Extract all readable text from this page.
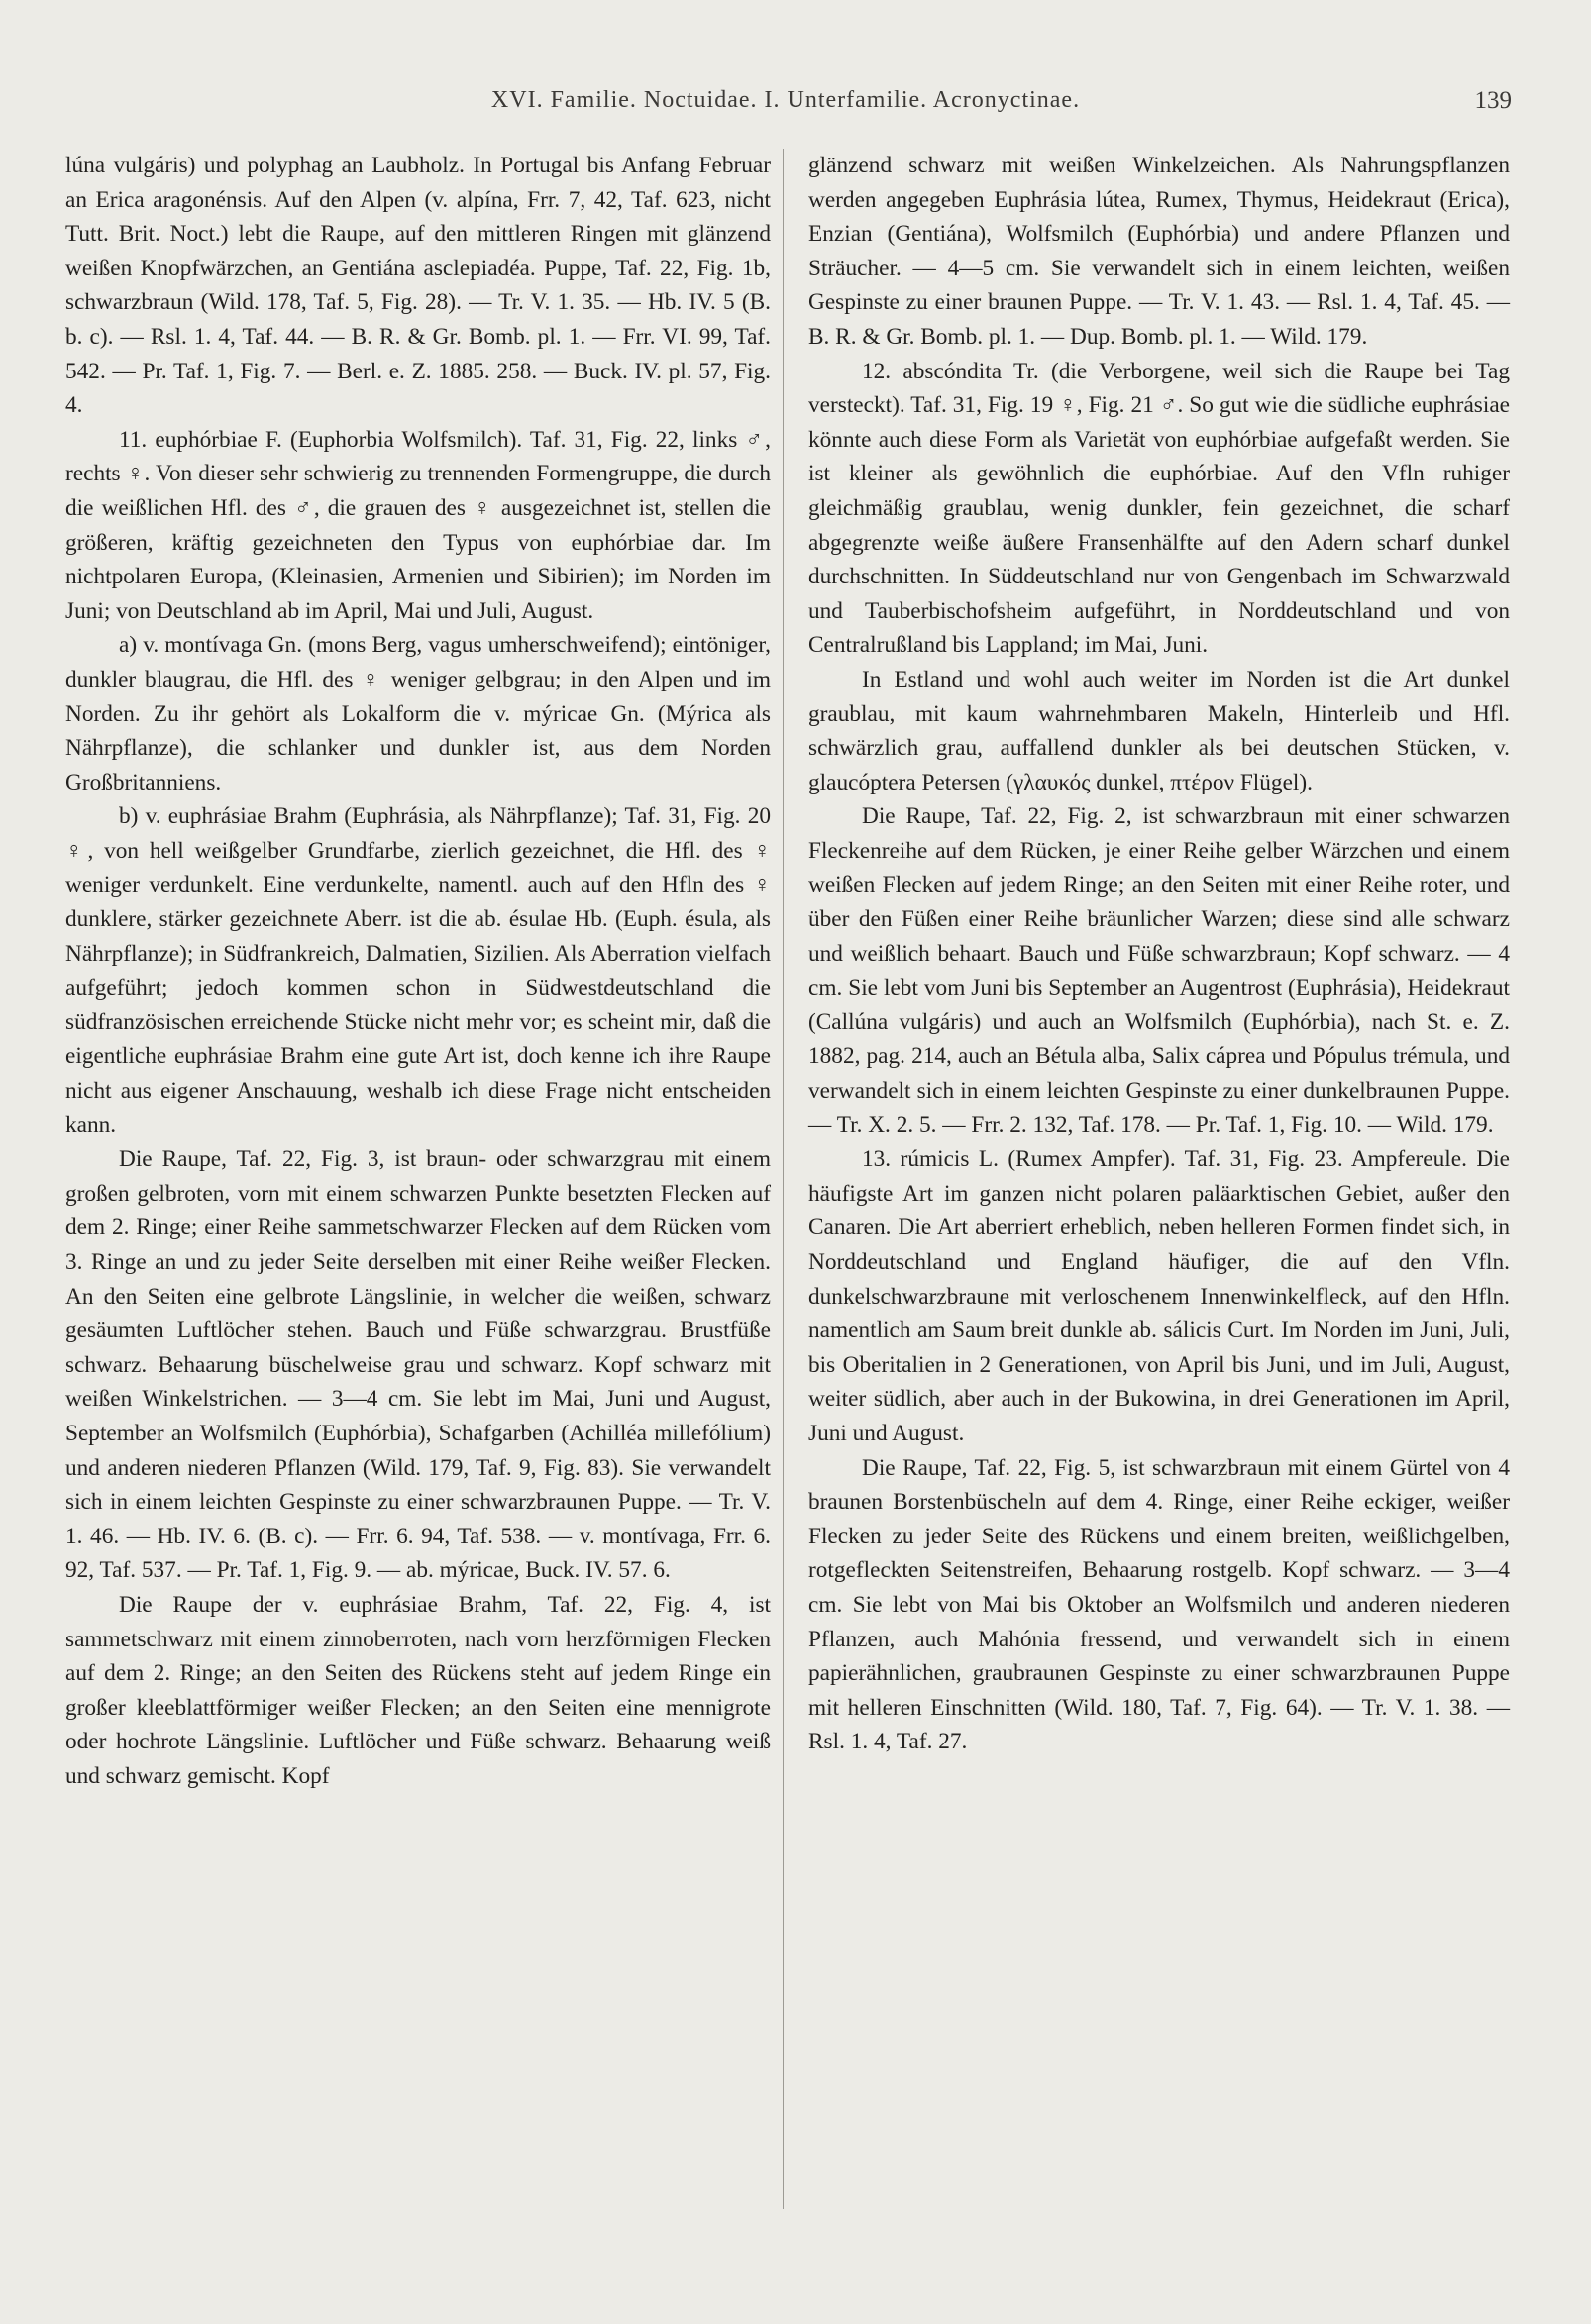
XVI. Familie. Noctuidae. I. Unterfamilie. Acronyctinae.	139

lúna vulgáris) und polyphag an Laubholz. In Portugal bis Anfang Februar an Erica aragonénsis. Auf den Alpen (v. alpína, Frr. 7, 42, Taf. 623, nicht Tutt. Brit. Noct.) lebt die Raupe, auf den mittleren Ringen mit glänzend weißen Knopfwärzchen, an Gentiána asclepiadéa. Puppe, Taf. 22, Fig. 1b, schwarzbraun (Wild. 178, Taf. 5, Fig. 28). — Tr. V. 1. 35. — Hb. IV. 5 (B. b. c). — Rsl. 1. 4, Taf. 44. — B. R. & Gr. Bomb. pl. 1. — Frr. VI. 99, Taf. 542. — Pr. Taf. 1, Fig. 7. — Berl. e. Z. 1885. 258. — Buck. IV. pl. 57, Fig. 4.

11. euphórbiae F. (Euphorbia Wolfsmilch). Taf. 31, Fig. 22, links ♂, rechts ♀. Von dieser sehr schwierig zu trennenden Formengruppe, die durch die weißlichen Hfl. des ♂, die grauen des ♀ ausgezeichnet ist, stellen die größeren, kräftig gezeichneten den Typus von euphórbiae dar. Im nichtpolaren Europa, (Kleinasien, Armenien und Sibirien); im Norden im Juni; von Deutschland ab im April, Mai und Juli, August.

a) v. montívaga Gn. (mons Berg, vagus umherschweifend); eintöniger, dunkler blaugrau, die Hfl. des ♀ weniger gelbgrau; in den Alpen und im Norden. Zu ihr gehört als Lokalform die v. mýricae Gn. (Mýrica als Nährpflanze), die schlanker und dunkler ist, aus dem Norden Großbritanniens.

b) v. euphrásiae Brahm (Euphrásia, als Nährpflanze); Taf. 31, Fig. 20 ♀, von hell weißgelber Grundfarbe, zierlich gezeichnet, die Hfl. des ♀ weniger verdunkelt. Eine verdunkelte, namentl. auch auf den Hfln des ♀ dunklere, stärker gezeichnete Aberr. ist die ab. ésulae Hb. (Euph. ésula, als Nährpflanze); in Südfrankreich, Dalmatien, Sizilien. Als Aberration vielfach aufgeführt; jedoch kommen schon in Südwestdeutschland die südfranzösischen erreichende Stücke nicht mehr vor; es scheint mir, daß die eigentliche euphrásiae Brahm eine gute Art ist, doch kenne ich ihre Raupe nicht aus eigener Anschauung, weshalb ich diese Frage nicht entscheiden kann.

Die Raupe, Taf. 22, Fig. 3, ist braun- oder schwarzgrau mit einem großen gelbroten, vorn mit einem schwarzen Punkte besetzten Flecken auf dem 2. Ringe; einer Reihe sammetschwarzer Flecken auf dem Rücken vom 3. Ringe an und zu jeder Seite derselben mit einer Reihe weißer Flecken. An den Seiten eine gelbrote Längslinie, in welcher die weißen, schwarz gesäumten Luftlöcher stehen. Bauch und Füße schwarzgrau. Brustfüße schwarz. Behaarung büschelweise grau und schwarz. Kopf schwarz mit weißen Winkelstrichen. — 3—4 cm. Sie lebt im Mai, Juni und August, September an Wolfsmilch (Euphórbia), Schafgarben (Achilléa millefólium) und anderen niederen Pflanzen (Wild. 179, Taf. 9, Fig. 83). Sie verwandelt sich in einem leichten Gespinste zu einer schwarzbraunen Puppe. — Tr. V. 1. 46. — Hb. IV. 6. (B. c). — Frr. 6. 94, Taf. 538. — v. montívaga, Frr. 6. 92, Taf. 537. — Pr. Taf. 1, Fig. 9. — ab. mýricae, Buck. IV. 57. 6.

Die Raupe der v. euphrásiae Brahm, Taf. 22, Fig. 4, ist sammetschwarz mit einem zinnoberroten, nach vorn herzförmigen Flecken auf dem 2. Ringe; an den Seiten des Rückens steht auf jedem Ringe ein großer kleeblattförmiger weißer Flecken; an den Seiten eine mennigrote oder hochrote Längslinie. Luftlöcher und Füße schwarz. Behaarung weiß und schwarz gemischt. Kopf

glänzend schwarz mit weißen Winkelzeichen. Als Nahrungspflanzen werden angegeben Euphrásia lútea, Rumex, Thymus, Heidekraut (Erica), Enzian (Gentiána), Wolfsmilch (Euphórbia) und andere Pflanzen und Sträucher. — 4—5 cm. Sie verwandelt sich in einem leichten, weißen Gespinste zu einer braunen Puppe. — Tr. V. 1. 43. — Rsl. 1. 4, Taf. 45. — B. R. & Gr. Bomb. pl. 1. — Dup. Bomb. pl. 1. — Wild. 179.

12. abscóndita Tr. (die Verborgene, weil sich die Raupe bei Tag versteckt). Taf. 31, Fig. 19 ♀, Fig. 21 ♂. So gut wie die südliche euphrásiae könnte auch diese Form als Varietät von euphórbiae aufgefaßt werden. Sie ist kleiner als gewöhnlich die euphórbiae. Auf den Vfln ruhiger gleichmäßig graublau, wenig dunkler, fein gezeichnet, die scharf abgegrenzte weiße äußere Fransenhälfte auf den Adern scharf dunkel durchschnitten. In Süddeutschland nur von Gengenbach im Schwarzwald und Tauberbischofsheim aufgeführt, in Norddeutschland und von Centralrußland bis Lappland; im Mai, Juni.

In Estland und wohl auch weiter im Norden ist die Art dunkel graublau, mit kaum wahrnehmbaren Makeln, Hinterleib und Hfl. schwärzlich grau, auffallend dunkler als bei deutschen Stücken, v. glaucóptera Petersen (γλαυκός dunkel, πτέρον Flügel).

Die Raupe, Taf. 22, Fig. 2, ist schwarzbraun mit einer schwarzen Fleckenreihe auf dem Rücken, je einer Reihe gelber Wärzchen und einem weißen Flecken auf jedem Ringe; an den Seiten mit einer Reihe roter, und über den Füßen einer Reihe bräunlicher Warzen; diese sind alle schwarz und weißlich behaart. Bauch und Füße schwarzbraun; Kopf schwarz. — 4 cm. Sie lebt vom Juni bis September an Augentrost (Euphrásia), Heidekraut (Callúna vulgáris) und auch an Wolfsmilch (Euphórbia), nach St. e. Z. 1882, pag. 214, auch an Bétula alba, Salix cáprea und Pópulus trémula, und verwandelt sich in einem leichten Gespinste zu einer dunkelbraunen Puppe. — Tr. X. 2. 5. — Frr. 2. 132, Taf. 178. — Pr. Taf. 1, Fig. 10. — Wild. 179.

13. rúmicis L. (Rumex Ampfer). Taf. 31, Fig. 23. Ampfereule. Die häufigste Art im ganzen nicht polaren paläarktischen Gebiet, außer den Canaren. Die Art aberriert erheblich, neben helleren Formen findet sich, in Norddeutschland und England häufiger, die auf den Vfln. dunkelschwarzbraune mit verloschenem Innenwinkelfleck, auf den Hfln. namentlich am Saum breit dunkle ab. sálicis Curt. Im Norden im Juni, Juli, bis Oberitalien in 2 Generationen, von April bis Juni, und im Juli, August, weiter südlich, aber auch in der Bukowina, in drei Generationen im April, Juni und August.

Die Raupe, Taf. 22, Fig. 5, ist schwarzbraun mit einem Gürtel von 4 braunen Borstenbüscheln auf dem 4. Ringe, einer Reihe eckiger, weißer Flecken zu jeder Seite des Rückens und einem breiten, weißlichgelben, rotgefleckten Seitenstreifen, Behaarung rostgelb. Kopf schwarz. — 3—4 cm. Sie lebt von Mai bis Oktober an Wolfsmilch und anderen niederen Pflanzen, auch Mahónia fressend, und verwandelt sich in einem papierähnlichen, graubraunen Gespinste zu einer schwarzbraunen Puppe mit helleren Einschnitten (Wild. 180, Taf. 7, Fig. 64). — Tr. V. 1. 38. — Rsl. 1. 4, Taf. 27.
